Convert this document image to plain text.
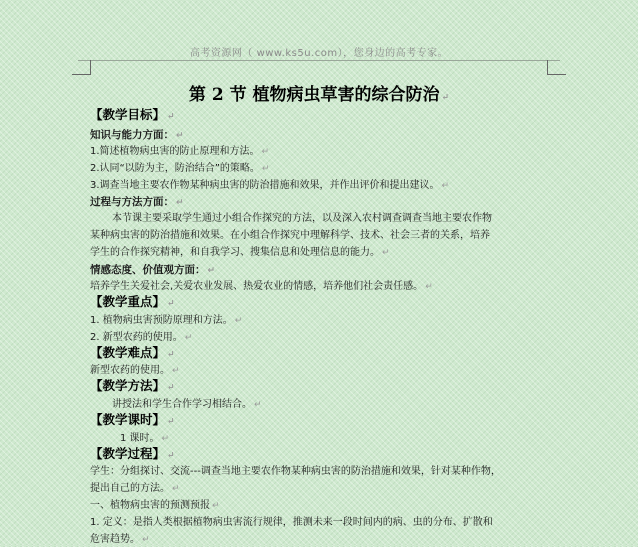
高考资源网（ www.ks5u.com），您身边的高考专家。
第 2 节 植物病虫草害的综合防治 ↵
【教学目标】 ↵
知识与能力方面： ↵
1.简述植物病虫害的防止原理和方法。 ↵
2.认同“以防为主，防治结合”的策略。 ↵
3.调查当地主要农作物某种病虫害的防治措施和效果，并作出评价和提出建议。 ↵
过程与方法方面： ↵
本节课主要采取学生通过小组合作探究的方法，以及深入农村调查调查当地主要农作物
某种病虫害的防治措施和效果。在小组合作探究中理解科学、技术、社会三者的关系，培养
学生的合作探究精神，和自我学习、搜集信息和处理信息的能力。 ↵
情感态度、价值观方面： ↵
培养学生关爱社会,关爱农业发展、热爱农业的情感，培养他们社会责任感。 ↵
【教学重点】 ↵
1. 植物病虫害预防原理和方法。 ↵
2. 新型农药的使用。 ↵
【教学难点】 ↵
新型农药的使用。 ↵
【教学方法】 ↵
讲授法和学生合作学习相结合。 ↵
【教学课时】 ↵
1 课时。 ↵
【教学过程】 ↵
学生：分组探讨、交流---调查当地主要农作物某种病虫害的防治措施和效果，针对某种作物，
提出自己的方法。 ↵
一、植物病虫害的预测预报 ↵
1. 定义：是指人类根据植物病虫害流行规律，推测未来一段时间内的病、虫的分布、扩散和
危害趋势。 ↵
